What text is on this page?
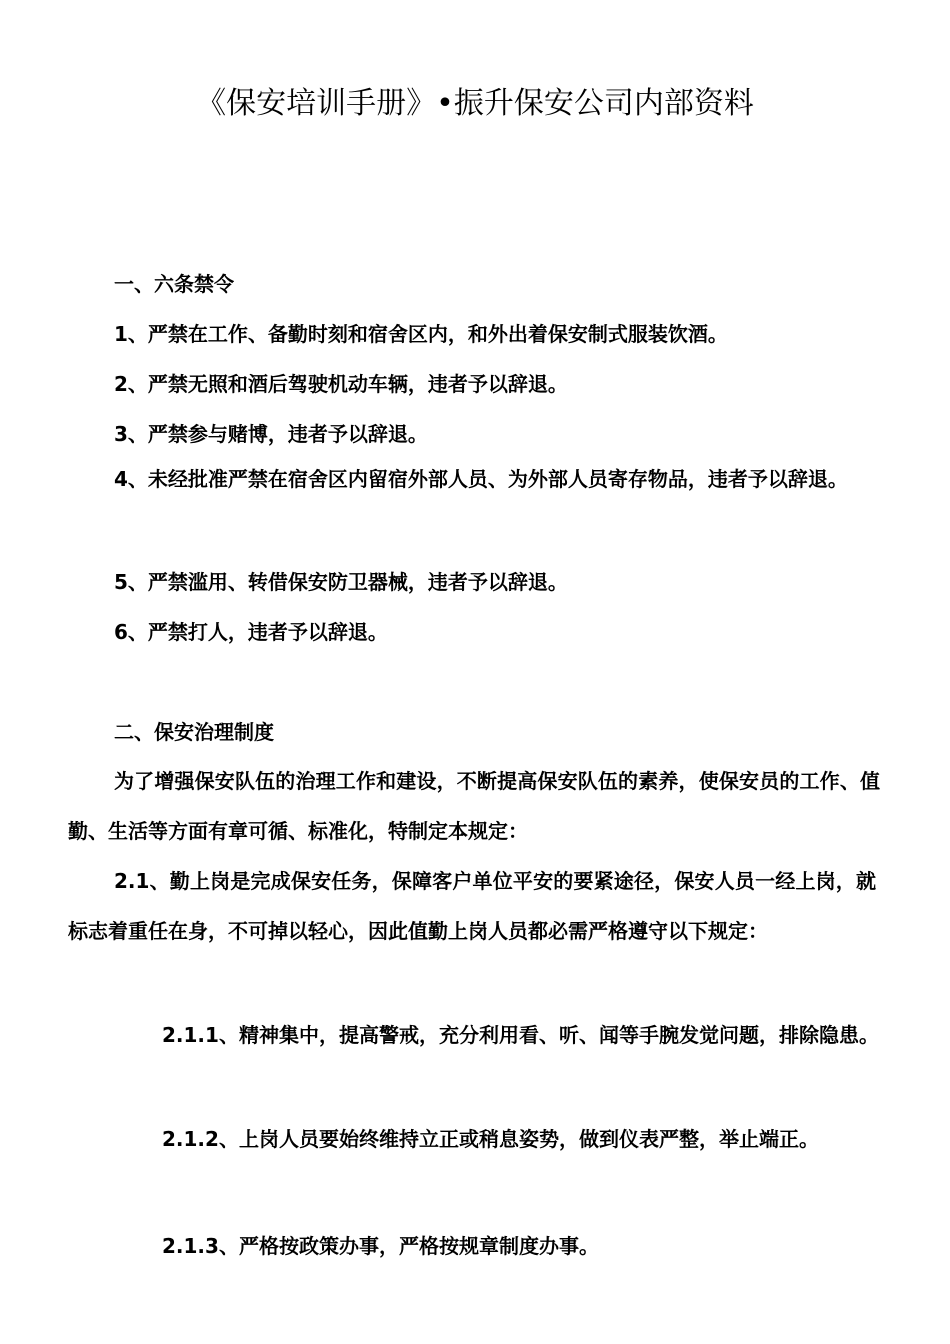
《保安培训手册》•振升保安公司内部资料
一、六条禁令
1、严禁在工作、备勤时刻和宿舍区内，和外出着保安制式服装饮酒。
2、严禁无照和酒后驾驶机动车辆，违者予以辞退。
3、严禁参与赌博，违者予以辞退。
4、未经批准严禁在宿舍区内留宿外部人员、为外部人员寄存物品，违者予以辞退。
5、严禁滥用、转借保安防卫器械，违者予以辞退。
6、严禁打人，违者予以辞退。
二、保安治理制度
为了增强保安队伍的治理工作和建设，不断提高保安队伍的素养，使保安员的工作、值勤、生活等方面有章可循、标准化，特制定本规定：
2.1、勤上岗是完成保安任务，保障客户单位平安的要紧途径，保安人员一经上岗，就标志着重任在身，不可掉以轻心，因此值勤上岗人员都必需严格遵守以下规定：
2.1.1、精神集中，提高警戒，充分利用看、听、闻等手腕发觉问题，排除隐患。
2.1.2、上岗人员要始终维持立正或稍息姿势，做到仪表严整，举止端正。
2.1.3、严格按政策办事，严格按规章制度办事。
